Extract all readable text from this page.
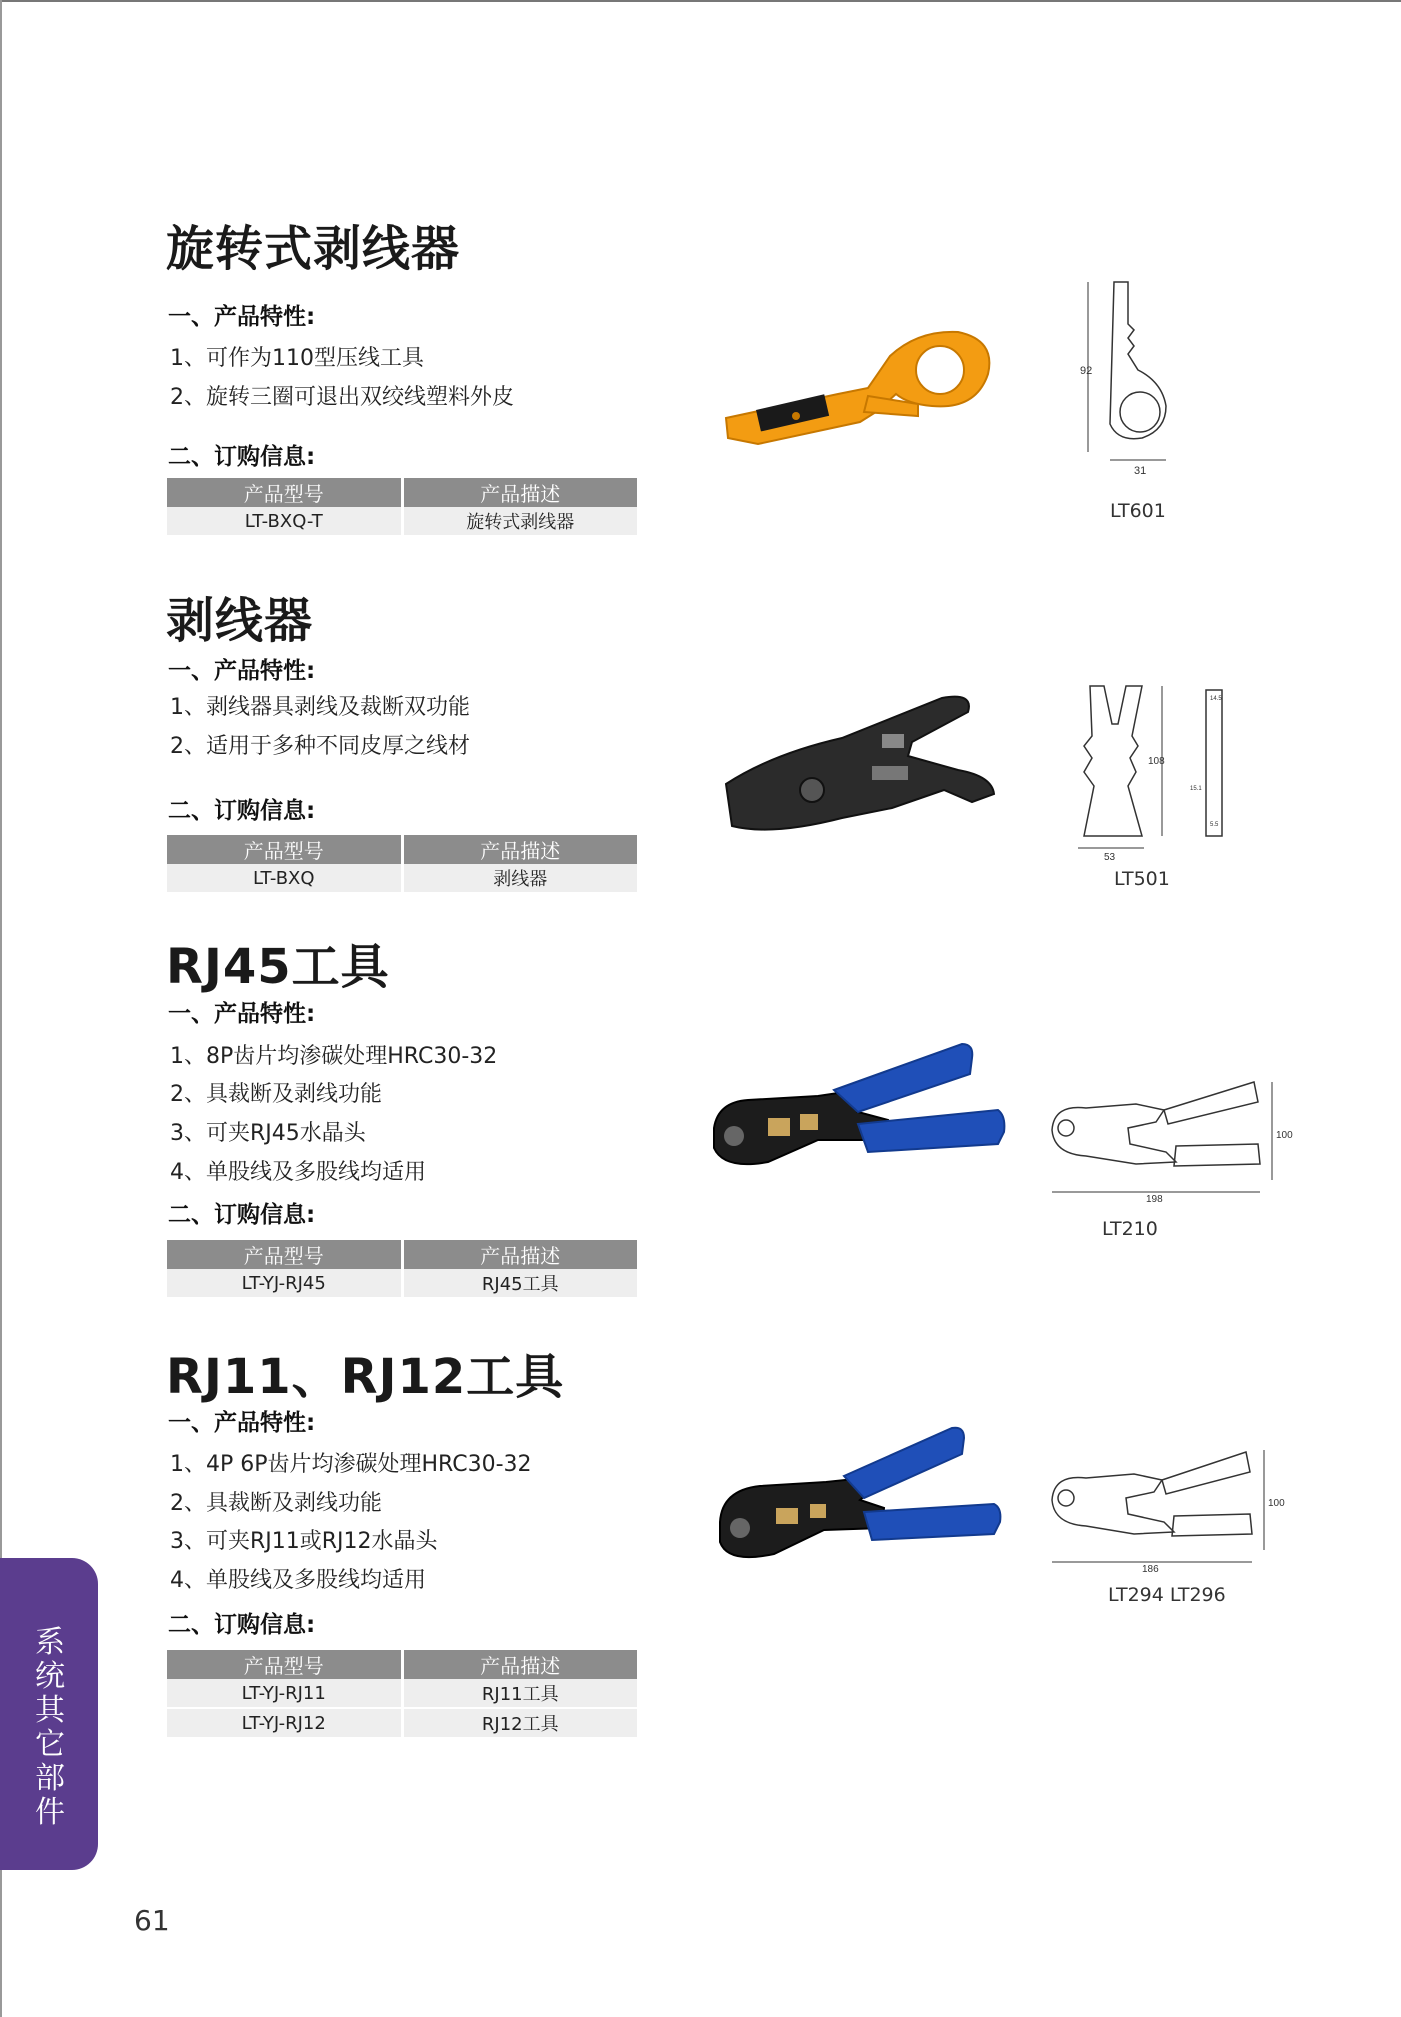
旋转式剥线器
一、产品特性:
1、可作为110型压线工具
2、旋转三圈可退出双绞线塑料外皮
二、订购信息:
产品型号	产品描述
LT-BXQ-T	旋转式剥线器
92
31
LT601
剥线器
一、产品特性:
1、剥线器具剥线及裁断双功能
2、适用于多种不同皮厚之线材
二、订购信息:
产品型号	产品描述
LT-BXQ	剥线器
108
53
14.5
15.1
5.5
LT501
RJ45工具
一、产品特性:
1、8P齿片均渗碳处理HRC30-32
2、具裁断及剥线功能
3、可夹RJ45水晶头
4、单股线及多股线均适用
二、订购信息:
产品型号	产品描述
LT-YJ-RJ45	RJ45工具
100
198
LT210
RJ11、RJ12工具
一、产品特性:
1、4P 6P齿片均渗碳处理HRC30-32
2、具裁断及剥线功能
3、可夹RJ11或RJ12水晶头
4、单股线及多股线均适用
二、订购信息:
产品型号	产品描述
LT-YJ-RJ11	RJ11工具
LT-YJ-RJ12	RJ12工具
100
186
LT294 LT296
系统其它部件
61
